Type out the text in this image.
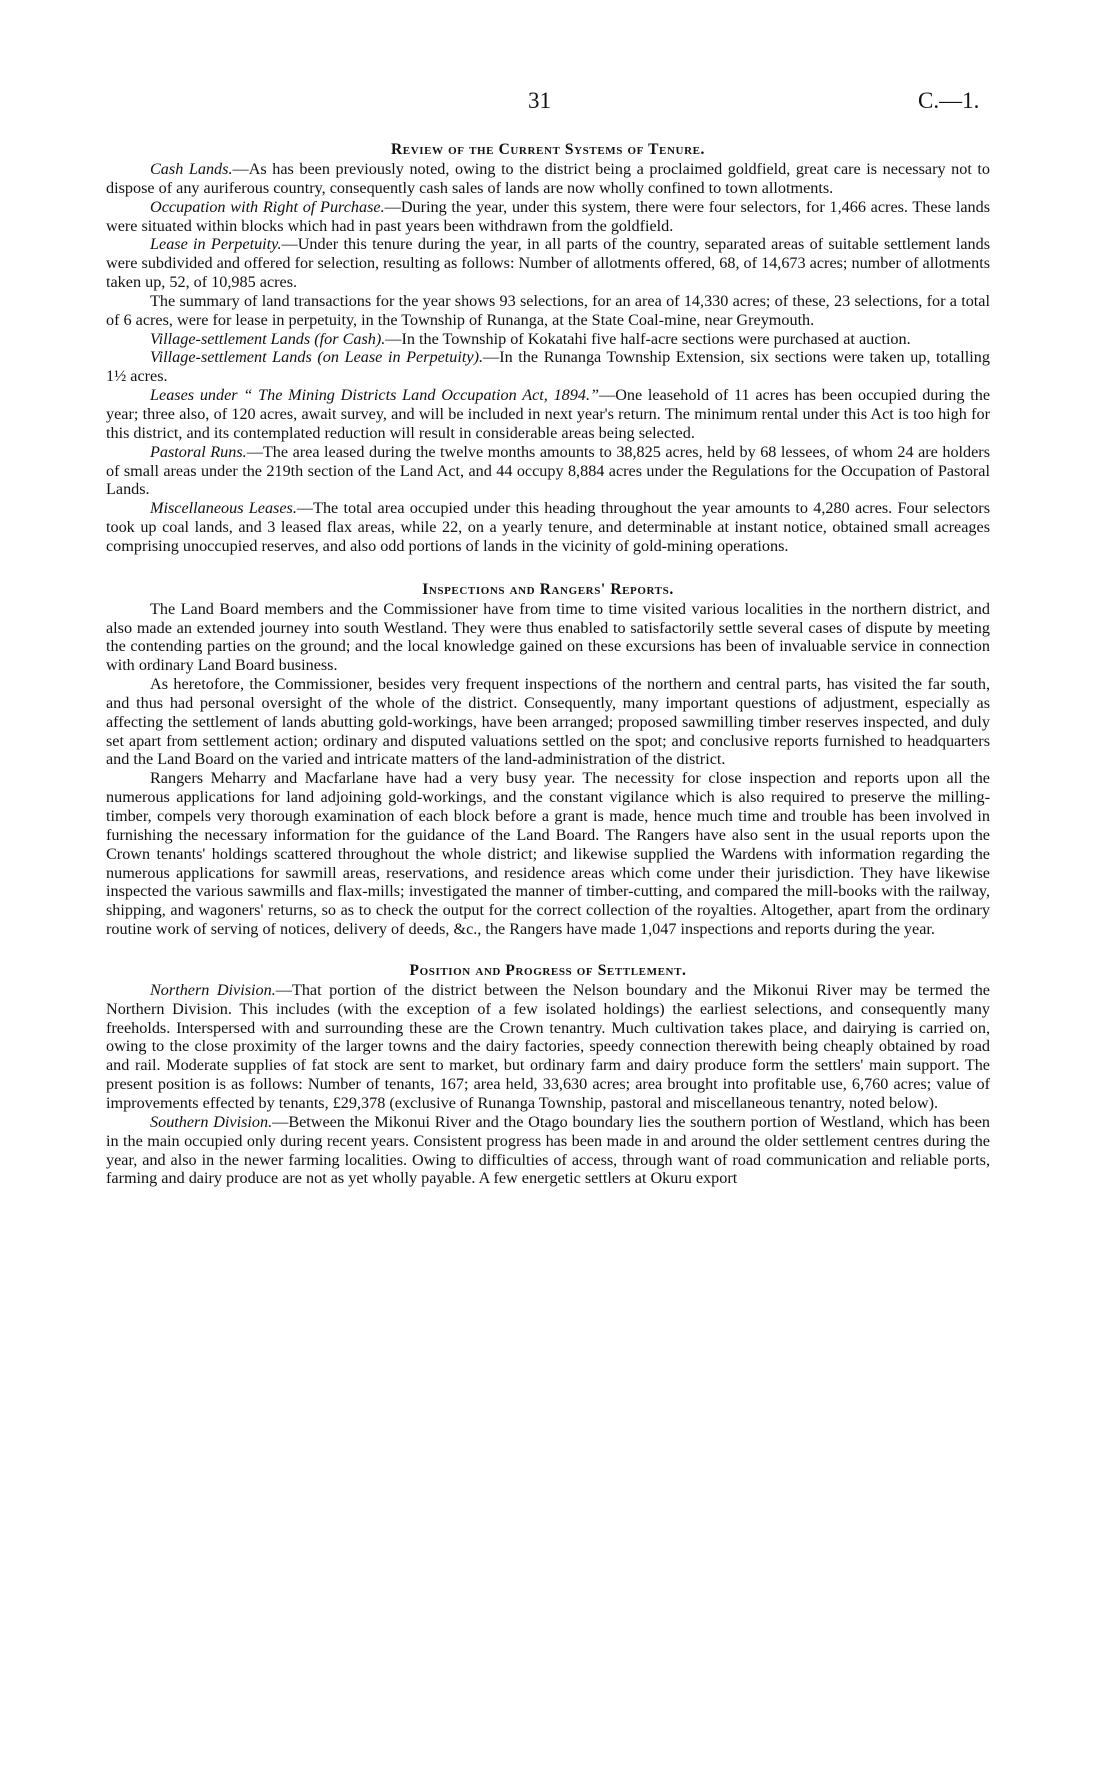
31	C.—1.
Review of the Current Systems of Tenure.

Cash Lands.—As has been previously noted, owing to the district being a proclaimed goldfield, great care is necessary not to dispose of any auriferous country, consequently cash sales of lands are now wholly confined to town allotments.

Occupation with Right of Purchase.—During the year, under this system, there were four selectors, for 1,466 acres. These lands were situated within blocks which had in past years been withdrawn from the goldfield.

Lease in Perpetuity.—Under this tenure during the year, in all parts of the country, separated areas of suitable settlement lands were subdivided and offered for selection, resulting as follows: Number of allotments offered, 68, of 14,673 acres; number of allotments taken up, 52, of 10,985 acres.

The summary of land transactions for the year shows 93 selections, for an area of 14,330 acres; of these, 23 selections, for a total of 6 acres, were for lease in perpetuity, in the Township of Runanga, at the State Coal-mine, near Greymouth.

Village-settlement Lands (for Cash).—In the Township of Kokatahi five half-acre sections were purchased at auction.

Village-settlement Lands (on Lease in Perpetuity).—In the Runanga Township Extension, six sections were taken up, totalling 1½ acres.

Leases under “ The Mining Districts Land Occupation Act, 1894.”—One leasehold of 11 acres has been occupied during the year; three also, of 120 acres, await survey, and will be included in next year's return. The minimum rental under this Act is too high for this district, and its contemplated reduction will result in considerable areas being selected.

Pastoral Runs.—The area leased during the twelve months amounts to 38,825 acres, held by 68 lessees, of whom 24 are holders of small areas under the 219th section of the Land Act, and 44 occupy 8,884 acres under the Regulations for the Occupation of Pastoral Lands.

Miscellaneous Leases.—The total area occupied under this heading throughout the year amounts to 4,280 acres. Four selectors took up coal lands, and 3 leased flax areas, while 22, on a yearly tenure, and determinable at instant notice, obtained small acreages comprising unoccupied reserves, and also odd portions of lands in the vicinity of gold-mining operations.

Inspections and Rangers' Reports.

The Land Board members and the Commissioner have from time to time visited various localities in the northern district, and also made an extended journey into south Westland. They were thus enabled to satisfactorily settle several cases of dispute by meeting the contending parties on the ground; and the local knowledge gained on these excursions has been of invaluable service in connection with ordinary Land Board business.

As heretofore, the Commissioner, besides very frequent inspections of the northern and central parts, has visited the far south, and thus had personal oversight of the whole of the district. Consequently, many important questions of adjustment, especially as affecting the settlement of lands abutting gold-workings, have been arranged; proposed sawmilling timber reserves inspected, and duly set apart from settlement action; ordinary and disputed valuations settled on the spot; and conclusive reports furnished to headquarters and the Land Board on the varied and intricate matters of the land-administration of the district.

Rangers Meharry and Macfarlane have had a very busy year. The necessity for close inspection and reports upon all the numerous applications for land adjoining gold-workings, and the constant vigilance which is also required to preserve the milling-timber, compels very thorough examination of each block before a grant is made, hence much time and trouble has been involved in furnishing the necessary information for the guidance of the Land Board. The Rangers have also sent in the usual reports upon the Crown tenants' holdings scattered throughout the whole district; and likewise supplied the Wardens with information regarding the numerous applications for sawmill areas, reservations, and residence areas which come under their jurisdiction. They have likewise inspected the various sawmills and flax-mills; investigated the manner of timber-cutting, and compared the mill-books with the railway, shipping, and wagoners' returns, so as to check the output for the correct collection of the royalties. Altogether, apart from the ordinary routine work of serving of notices, delivery of deeds, &c., the Rangers have made 1,047 inspections and reports during the year.

Position and Progress of Settlement.

Northern Division.—That portion of the district between the Nelson boundary and the Mikonui River may be termed the Northern Division. This includes (with the exception of a few isolated holdings) the earliest selections, and consequently many freeholds. Interspersed with and surrounding these are the Crown tenantry. Much cultivation takes place, and dairying is carried on, owing to the close proximity of the larger towns and the dairy factories, speedy connection therewith being cheaply obtained by road and rail. Moderate supplies of fat stock are sent to market, but ordinary farm and dairy produce form the settlers' main support. The present position is as follows: Number of tenants, 167; area held, 33,630 acres; area brought into profitable use, 6,760 acres; value of improvements effected by tenants, £29,378 (exclusive of Runanga Township, pastoral and miscellaneous tenantry, noted below).

Southern Division.—Between the Mikonui River and the Otago boundary lies the southern portion of Westland, which has been in the main occupied only during recent years. Consistent progress has been made in and around the older settlement centres during the year, and also in the newer farming localities. Owing to difficulties of access, through want of road communication and reliable ports, farming and dairy produce are not as yet wholly payable. A few energetic settlers at Okuru export
